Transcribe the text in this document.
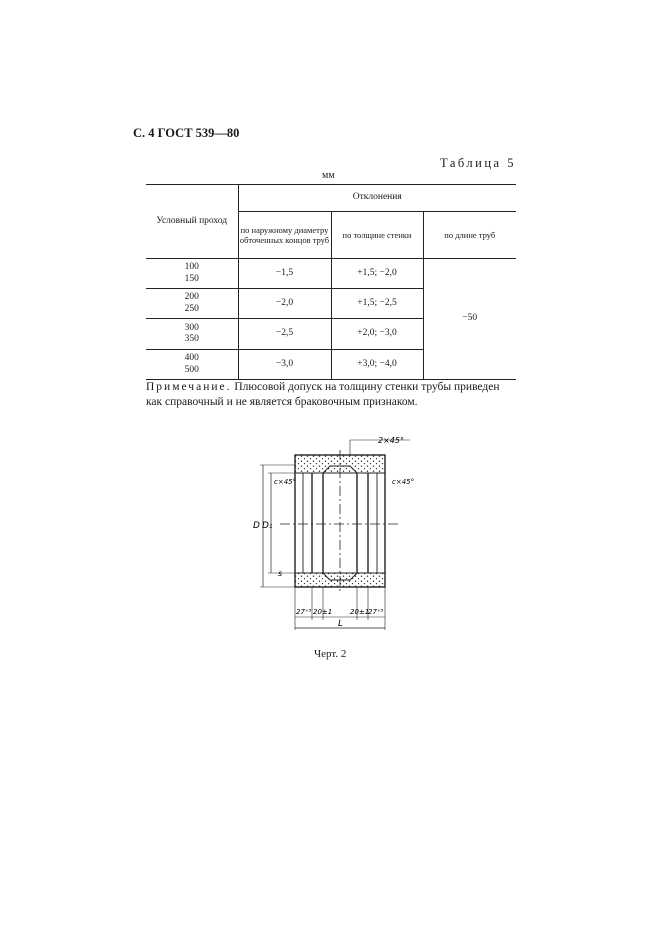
С. 4 ГОСТ 539—80
Таблица 5
мм
Условный проход	Отклонения		
	по наружному диаметру обточенных концов труб	по толщине стенки	по длине труб

100
150	−1,5	+1,5; −2,0	−50

200
250	−2,0	+1,5; −2,5	

300
350	−2,5	+2,0; −3,0	

400
500	−3,0	+3,0; −4,0	
Примечание. Плюсовой допуск на толщину стенки трубы приведен как справочный и не является браковочным признаком.
2×45°
c×45°	c×45°
D D₁
s
27⁺⁵ 20±1	20±1
27⁺⁵
L
Черт. 2
